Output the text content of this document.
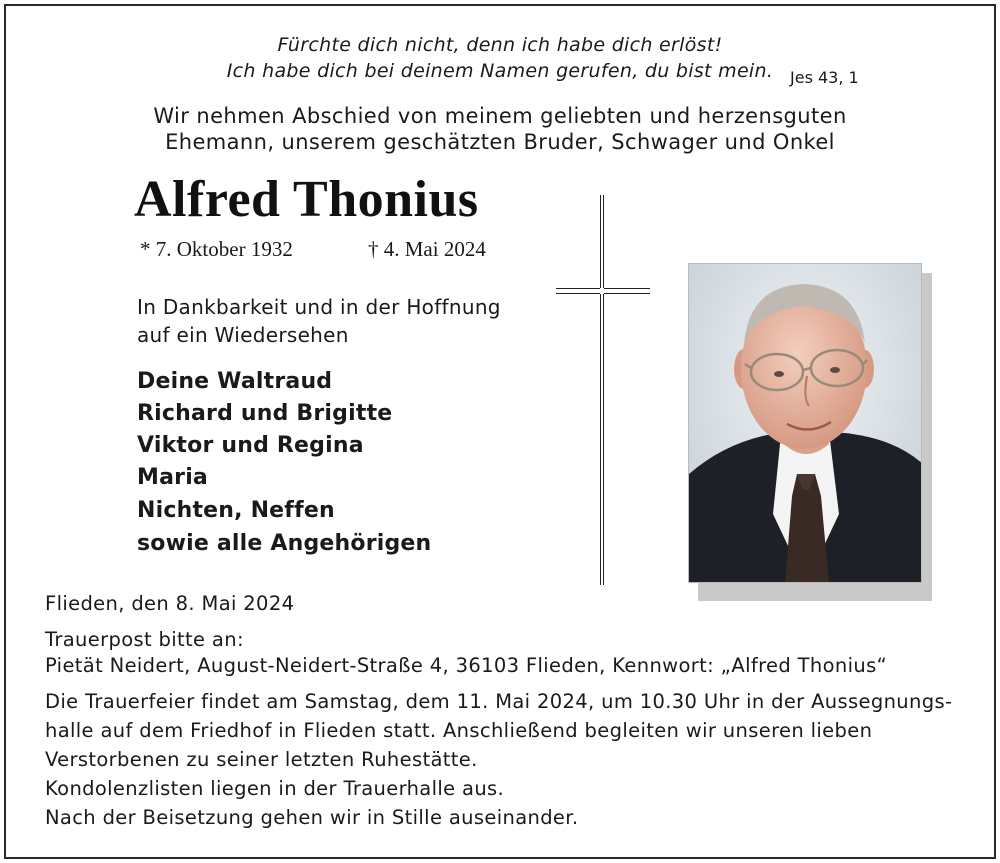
Fürchte dich nicht, denn ich habe dich erlöst!
Ich habe dich bei deinem Namen gerufen, du bist mein.	Jes 43, 1
Wir nehmen Abschied von meinem geliebten und herzensguten
Ehemann, unserem geschätzten Bruder, Schwager und Onkel
Alfred Thonius
* 7. Oktober 1932	† 4. Mai 2024
In Dankbarkeit und in der Hoffnung
auf ein Wiedersehen
Deine Waltraud
Richard und Brigitte
Viktor und Regina
Maria
Nichten, Neffen
sowie alle Angehörigen
Flieden, den 8. Mai 2024
Trauerpost bitte an:
Pietät Neidert, August-Neidert-Straße 4, 36103 Flieden, Kennwort: „Alfred Thonius“
Die Trauerfeier findet am Samstag, dem 11. Mai 2024, um 10.30 Uhr in der Aussegnungs-
halle auf dem Friedhof in Flieden statt. Anschließend begleiten wir unseren lieben
Verstorbenen zu seiner letzten Ruhestätte.
Kondolenzlisten liegen in der Trauerhalle aus.
Nach der Beisetzung gehen wir in Stille auseinander.
